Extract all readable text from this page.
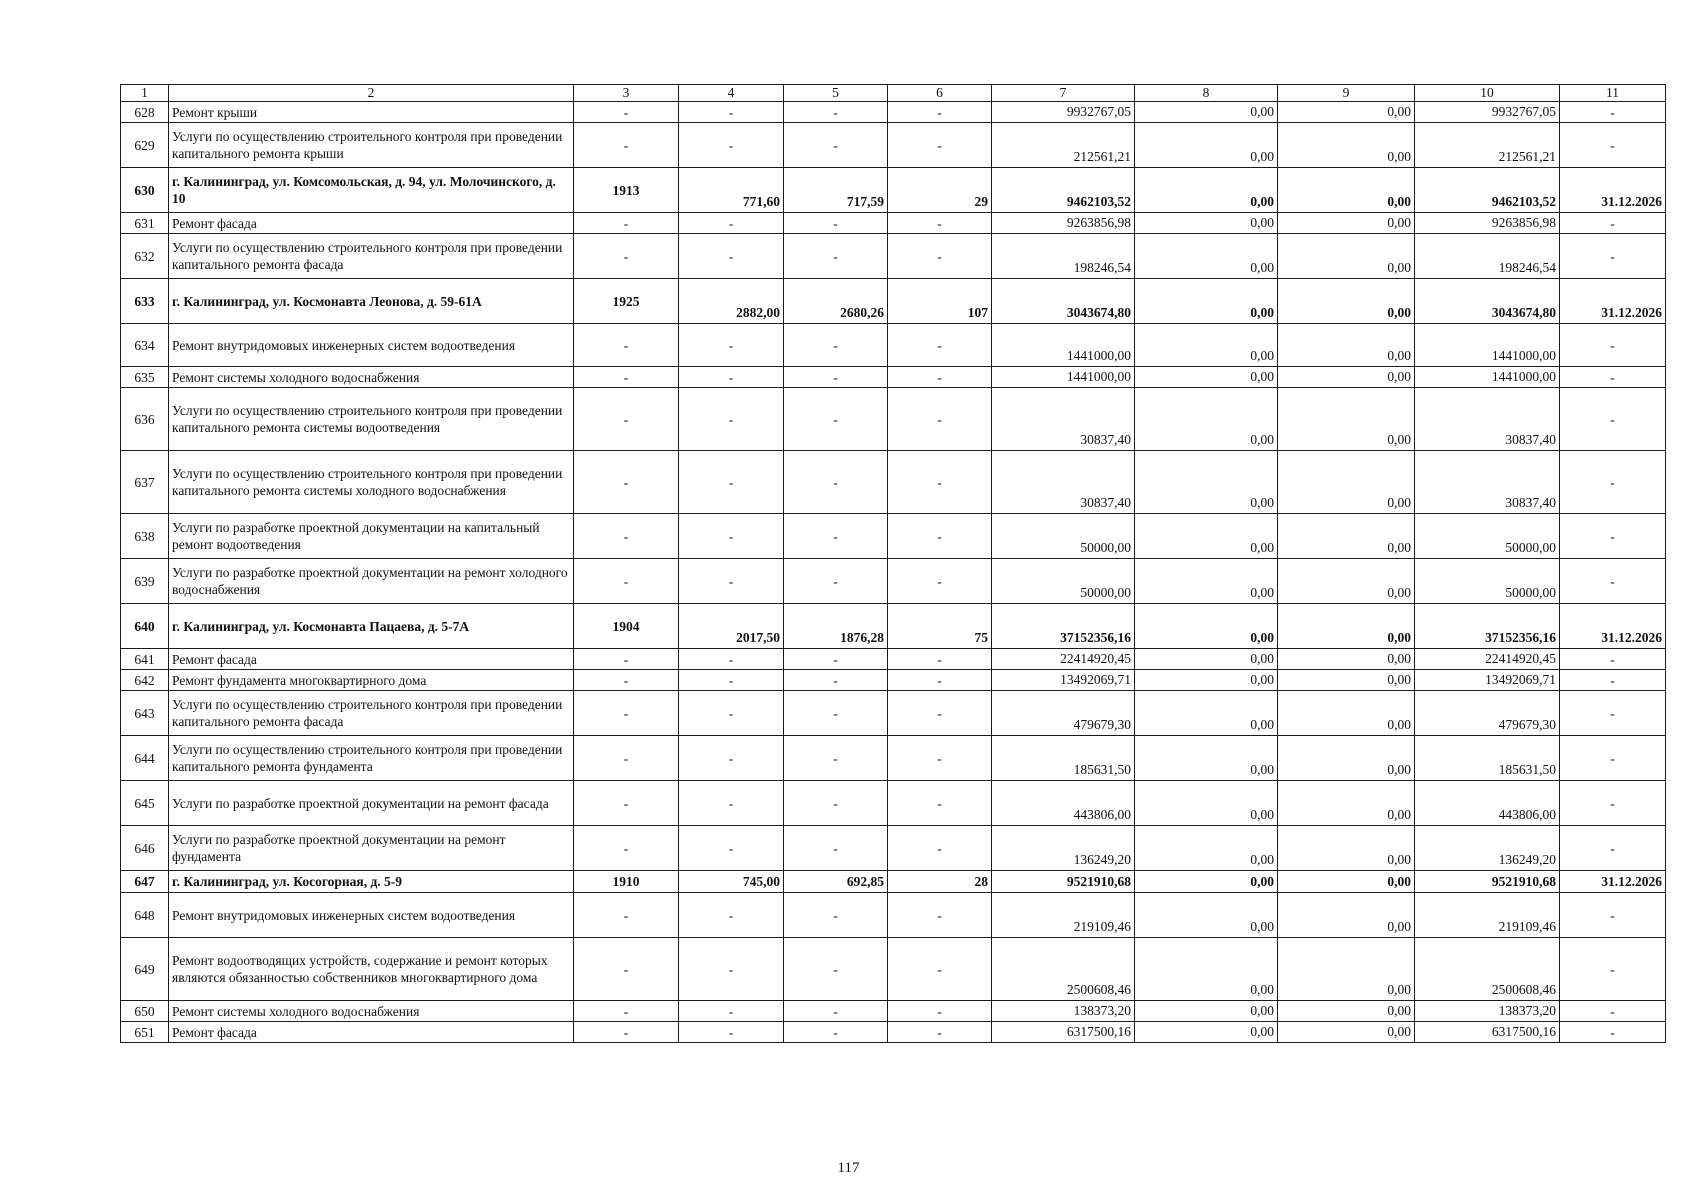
1	2	3	4	5	6	7	8	9	10	11
628	Ремонт крыши	-	-	-	-	9932767,05	0,00	0,00	9932767,05	-
629	Услуги по осуществлению строительного контроля при проведении капитального ремонта крыши	-	-	-	-	212561,21	0,00	0,00	212561,21	-
630	г. Калининград, ул. Комсомольская, д. 94, ул. Молочинского, д. 10	1913	771,60	717,59	29	9462103,52	0,00	0,00	9462103,52	31.12.2026
631	Ремонт фасада	-	-	-	-	9263856,98	0,00	0,00	9263856,98	-
632	Услуги по осуществлению строительного контроля при проведении капитального ремонта фасада	-	-	-	-	198246,54	0,00	0,00	198246,54	-
633	г. Калининград, ул. Космонавта Леонова, д. 59-61А	1925	2882,00	2680,26	107	3043674,80	0,00	0,00	3043674,80	31.12.2026
634	Ремонт внутридомовых инженерных систем водоотведения	-	-	-	-	1441000,00	0,00	0,00	1441000,00	-
635	Ремонт системы холодного водоснабжения	-	-	-	-	1441000,00	0,00	0,00	1441000,00	-
636	Услуги по осуществлению строительного контроля при проведении капитального ремонта системы водоотведения	-	-	-	-	30837,40	0,00	0,00	30837,40	-
637	Услуги по осуществлению строительного контроля при проведении капитального ремонта системы холодного водоснабжения	-	-	-	-	30837,40	0,00	0,00	30837,40	-
638	Услуги по разработке проектной документации на капитальный ремонт водоотведения	-	-	-	-	50000,00	0,00	0,00	50000,00	-
639	Услуги по разработке проектной документации на ремонт холодного водоснабжения	-	-	-	-	50000,00	0,00	0,00	50000,00	-
640	г. Калининград, ул. Космонавта Пацаева, д. 5-7А	1904	2017,50	1876,28	75	37152356,16	0,00	0,00	37152356,16	31.12.2026
641	Ремонт фасада	-	-	-	-	22414920,45	0,00	0,00	22414920,45	-
642	Ремонт фундамента многоквартирного дома	-	-	-	-	13492069,71	0,00	0,00	13492069,71	-
643	Услуги по осуществлению строительного контроля при проведении капитального ремонта фасада	-	-	-	-	479679,30	0,00	0,00	479679,30	-
644	Услуги по осуществлению строительного контроля при проведении капитального ремонта фундамента	-	-	-	-	185631,50	0,00	0,00	185631,50	-
645	Услуги по разработке проектной документации на ремонт фасада	-	-	-	-	443806,00	0,00	0,00	443806,00	-
646	Услуги по разработке проектной документации на ремонт фундамента	-	-	-	-	136249,20	0,00	0,00	136249,20	-
647	г. Калининград, ул. Косогорная, д. 5-9	1910	745,00	692,85	28	9521910,68	0,00	0,00	9521910,68	31.12.2026
648	Ремонт внутридомовых инженерных систем водоотведения	-	-	-	-	219109,46	0,00	0,00	219109,46	-
649	Ремонт водоотводящих устройств, содержание и ремонт которых являются обязанностью собственников многоквартирного дома	-	-	-	-	2500608,46	0,00	0,00	2500608,46	-
650	Ремонт системы холодного водоснабжения	-	-	-	-	138373,20	0,00	0,00	138373,20	-
651	Ремонт фасада	-	-	-	-	6317500,16	0,00	0,00	6317500,16	-
117
